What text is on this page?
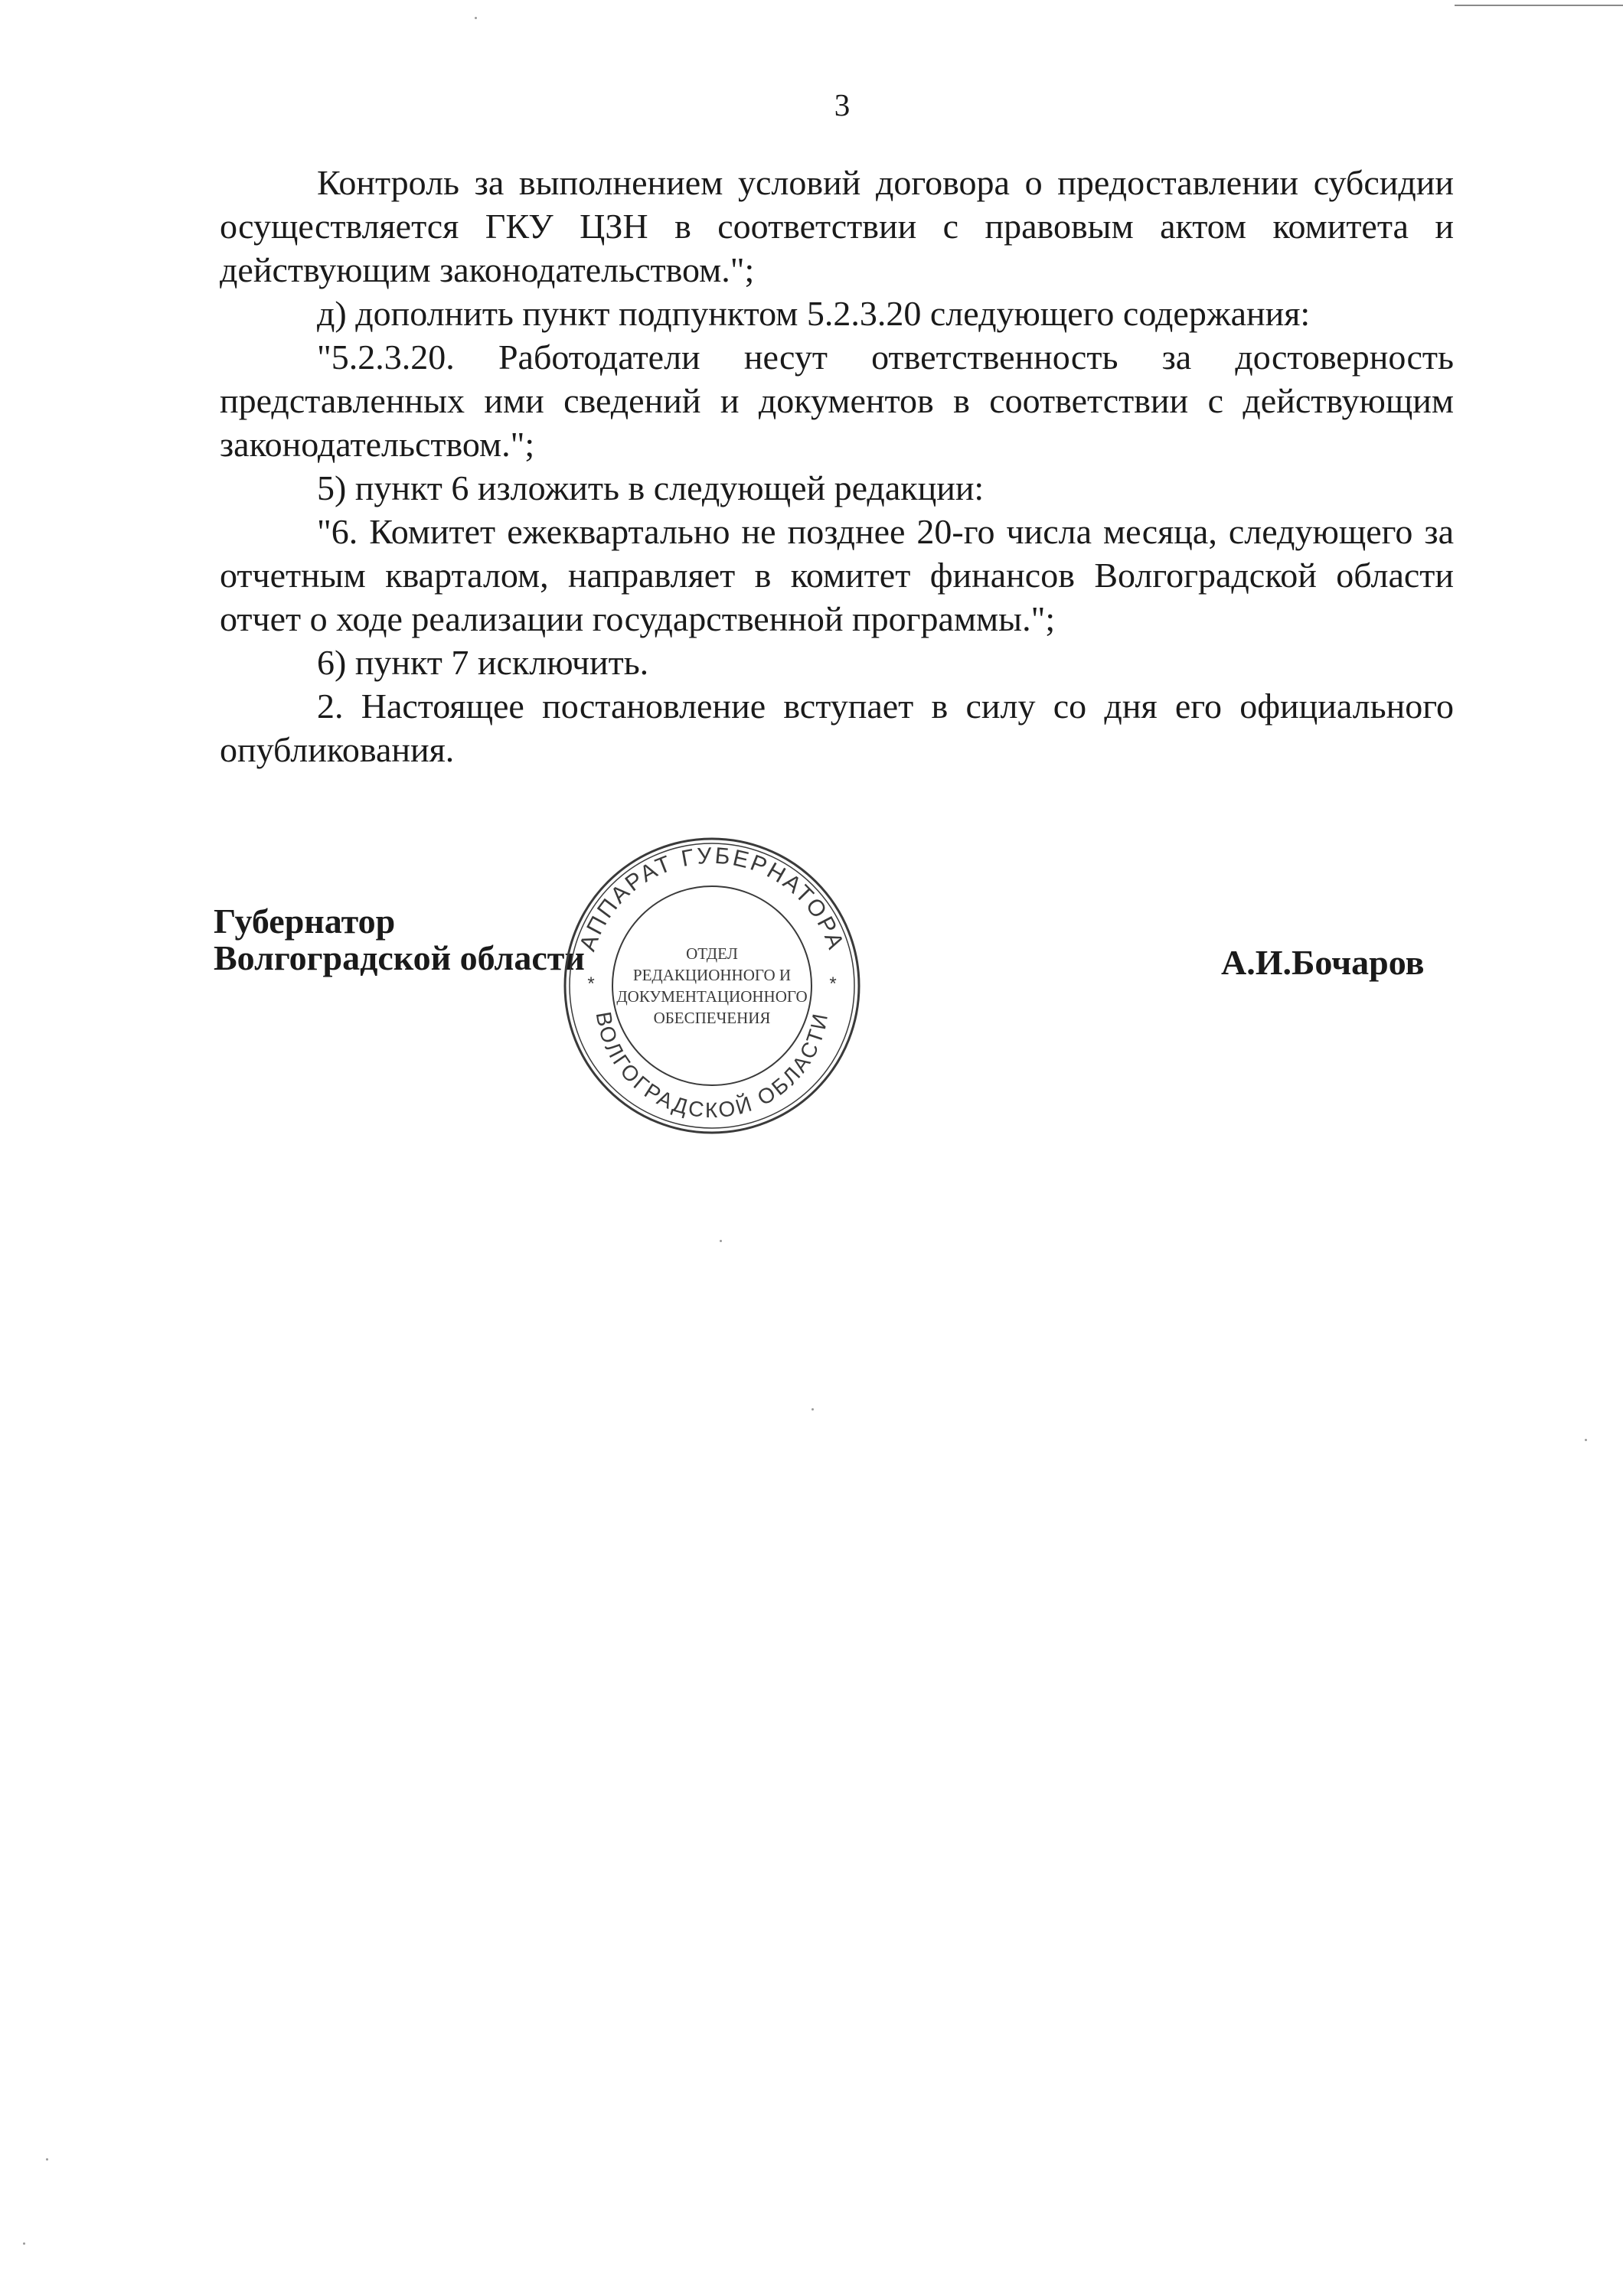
3

Контроль за выполнением условий договора о предоставлении субсидии осуществляется ГКУ ЦЗН в соответствии с правовым актом комитета и действующим законодательством.";

д) дополнить пункт подпунктом 5.2.3.20 следующего содержания:

"5.2.3.20. Работодатели несут ответственность за достоверность представленных ими сведений и документов в соответствии с действующим законодательством.";

5) пункт 6 изложить в следующей редакции:

"6. Комитет ежеквартально не позднее 20-го числа месяца, следующего за отчетным кварталом, направляет в комитет финансов Волгоградской области отчет о ходе реализации государственной программы.";

6) пункт 7 исключить.

2. Настоящее постановление вступает в силу со дня его официального опубликования.

Губернатор
Волгоградской области	А.И.Бочаров
АППАРАТ ГУБЕРНАТОРА
ВОЛГОГРАДСКОЙ ОБЛАСТИ
*	*
ОТДЕЛ
РЕДАКЦИОННОГО И
ДОКУМЕНТАЦИОННОГО
ОБЕСПЕЧЕНИЯ
